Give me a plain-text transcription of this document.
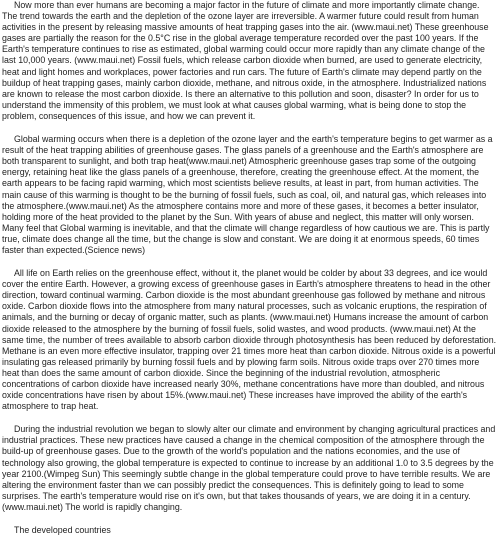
Now more than ever humans are becoming a major factor in the future of climate and more importantly climate change. The trend towards the earth and the depletion of the ozone layer are irreversible. A warmer future could result from human activities in the present by releasing massive amounts of heat trapping gases into the air. (www.maui.net) These greenhouse gases are partially the reason for the 0.5°C rise in the global average temperature recorded over the past 100 years. If the Earth's temperature continues to rise as estimated, global warming could occur more rapidly than any climate change of the last 10,000 years. (www.maui.net) Fossil fuels, which release carbon dioxide when burned, are used to generate electricity, heat and light homes and workplaces, power factories and run cars. The future of Earth's climate may depend partly on the buildup of heat trapping gases, mainly carbon dioxide, methane, and nitrous oxide, in the atmosphere. Industrialized nations are known to release the most carbon dioxide. Is there an alternative to this pollution and soon, disaster? In order for us to understand the immensity of this problem, we must look at what causes global warming, what is being done to stop the problem, consequences of this issue, and how we can prevent it.

Global warming occurs when there is a depletion of the ozone layer and the earth's temperature begins to get warmer as a result of the heat trapping abilities of greenhouse gases. The glass panels of a greenhouse and the Earth's atmosphere are both transparent to sunlight, and both trap heat(www.maui.net) Atmospheric greenhouse gases trap some of the outgoing energy, retaining heat like the glass panels of a greenhouse, therefore, creating the greenhouse effect. At the moment, the earth appears to be facing rapid warming, which most scientists believe results, at least in part, from human activities. The main cause of this warming is thought to be the burning of fossil fuels, such as coal, oil, and natural gas, which releases into the atmosphere.(www.maui.net) As the atmosphere contains more and more of these gases, it becomes a better insulator, holding more of the heat provided to the planet by the Sun. With years of abuse and neglect, this matter will only worsen. Many feel that Global warming is inevitable, and that the climate will change regardless of how cautious we are. This is partly true, climate does change all the time, but the change is slow and constant. We are doing it at enormous speeds, 60 times faster than expected.(Science news)

All life on Earth relies on the greenhouse effect, without it, the planet would be colder by about 33 degrees, and ice would cover the entire Earth. However, a growing excess of greenhouse gases in Earth's atmosphere threatens to head in the other direction, toward continual warming. Carbon dioxide is the most abundant greenhouse gas followed by methane and nitrous oxide. Carbon dioxide flows into the atmosphere from many natural processes, such as volcanic eruptions, the respiration of animals, and the burning or decay of organic matter, such as plants. (www.maui.net) Humans increase the amount of carbon dioxide released to the atmosphere by the burning of fossil fuels, solid wastes, and wood products. (www.maui.net) At the same time, the number of trees available to absorb carbon dioxide through photosynthesis has been reduced by deforestation. Methane is an even more effective insulator, trapping over 21 times more heat than carbon dioxide. Nitrous oxide is a powerful insulating gas released primarily by burning fossil fuels and by plowing farm soils. Nitrous oxide traps over 270 times more heat than does the same amount of carbon dioxide. Since the beginning of the industrial revolution, atmospheric concentrations of carbon dioxide have increased nearly 30%, methane concentrations have more than doubled, and nitrous oxide concentrations have risen by about 15%.(www.maui.net) These increases have improved the ability of the earth's atmosphere to trap heat.

During the industrial revolution we began to slowly alter our climate and environment by changing agricultural practices and industrial practices. These new practices have caused a change in the chemical composition of the atmosphere through the build-up of greenhouse gases. Due to the growth of the world's population and the nations economies, and the use of technology also growing, the global temperature is expected to continue to increase by an additional 1.0 to 3.5 degrees by the year 2100.(Wimpeg Sun) This seemingly subtle change in the global temperature could prove to have terrible results. We are altering the environment faster than we can possibly predict the consequences. This is definitely going to lead to some surprises. The earth's temperature would rise on it's own, but that takes thousands of years, we are doing it in a century.(www.maui.net) The world is rapidly changing.

The developed countries
